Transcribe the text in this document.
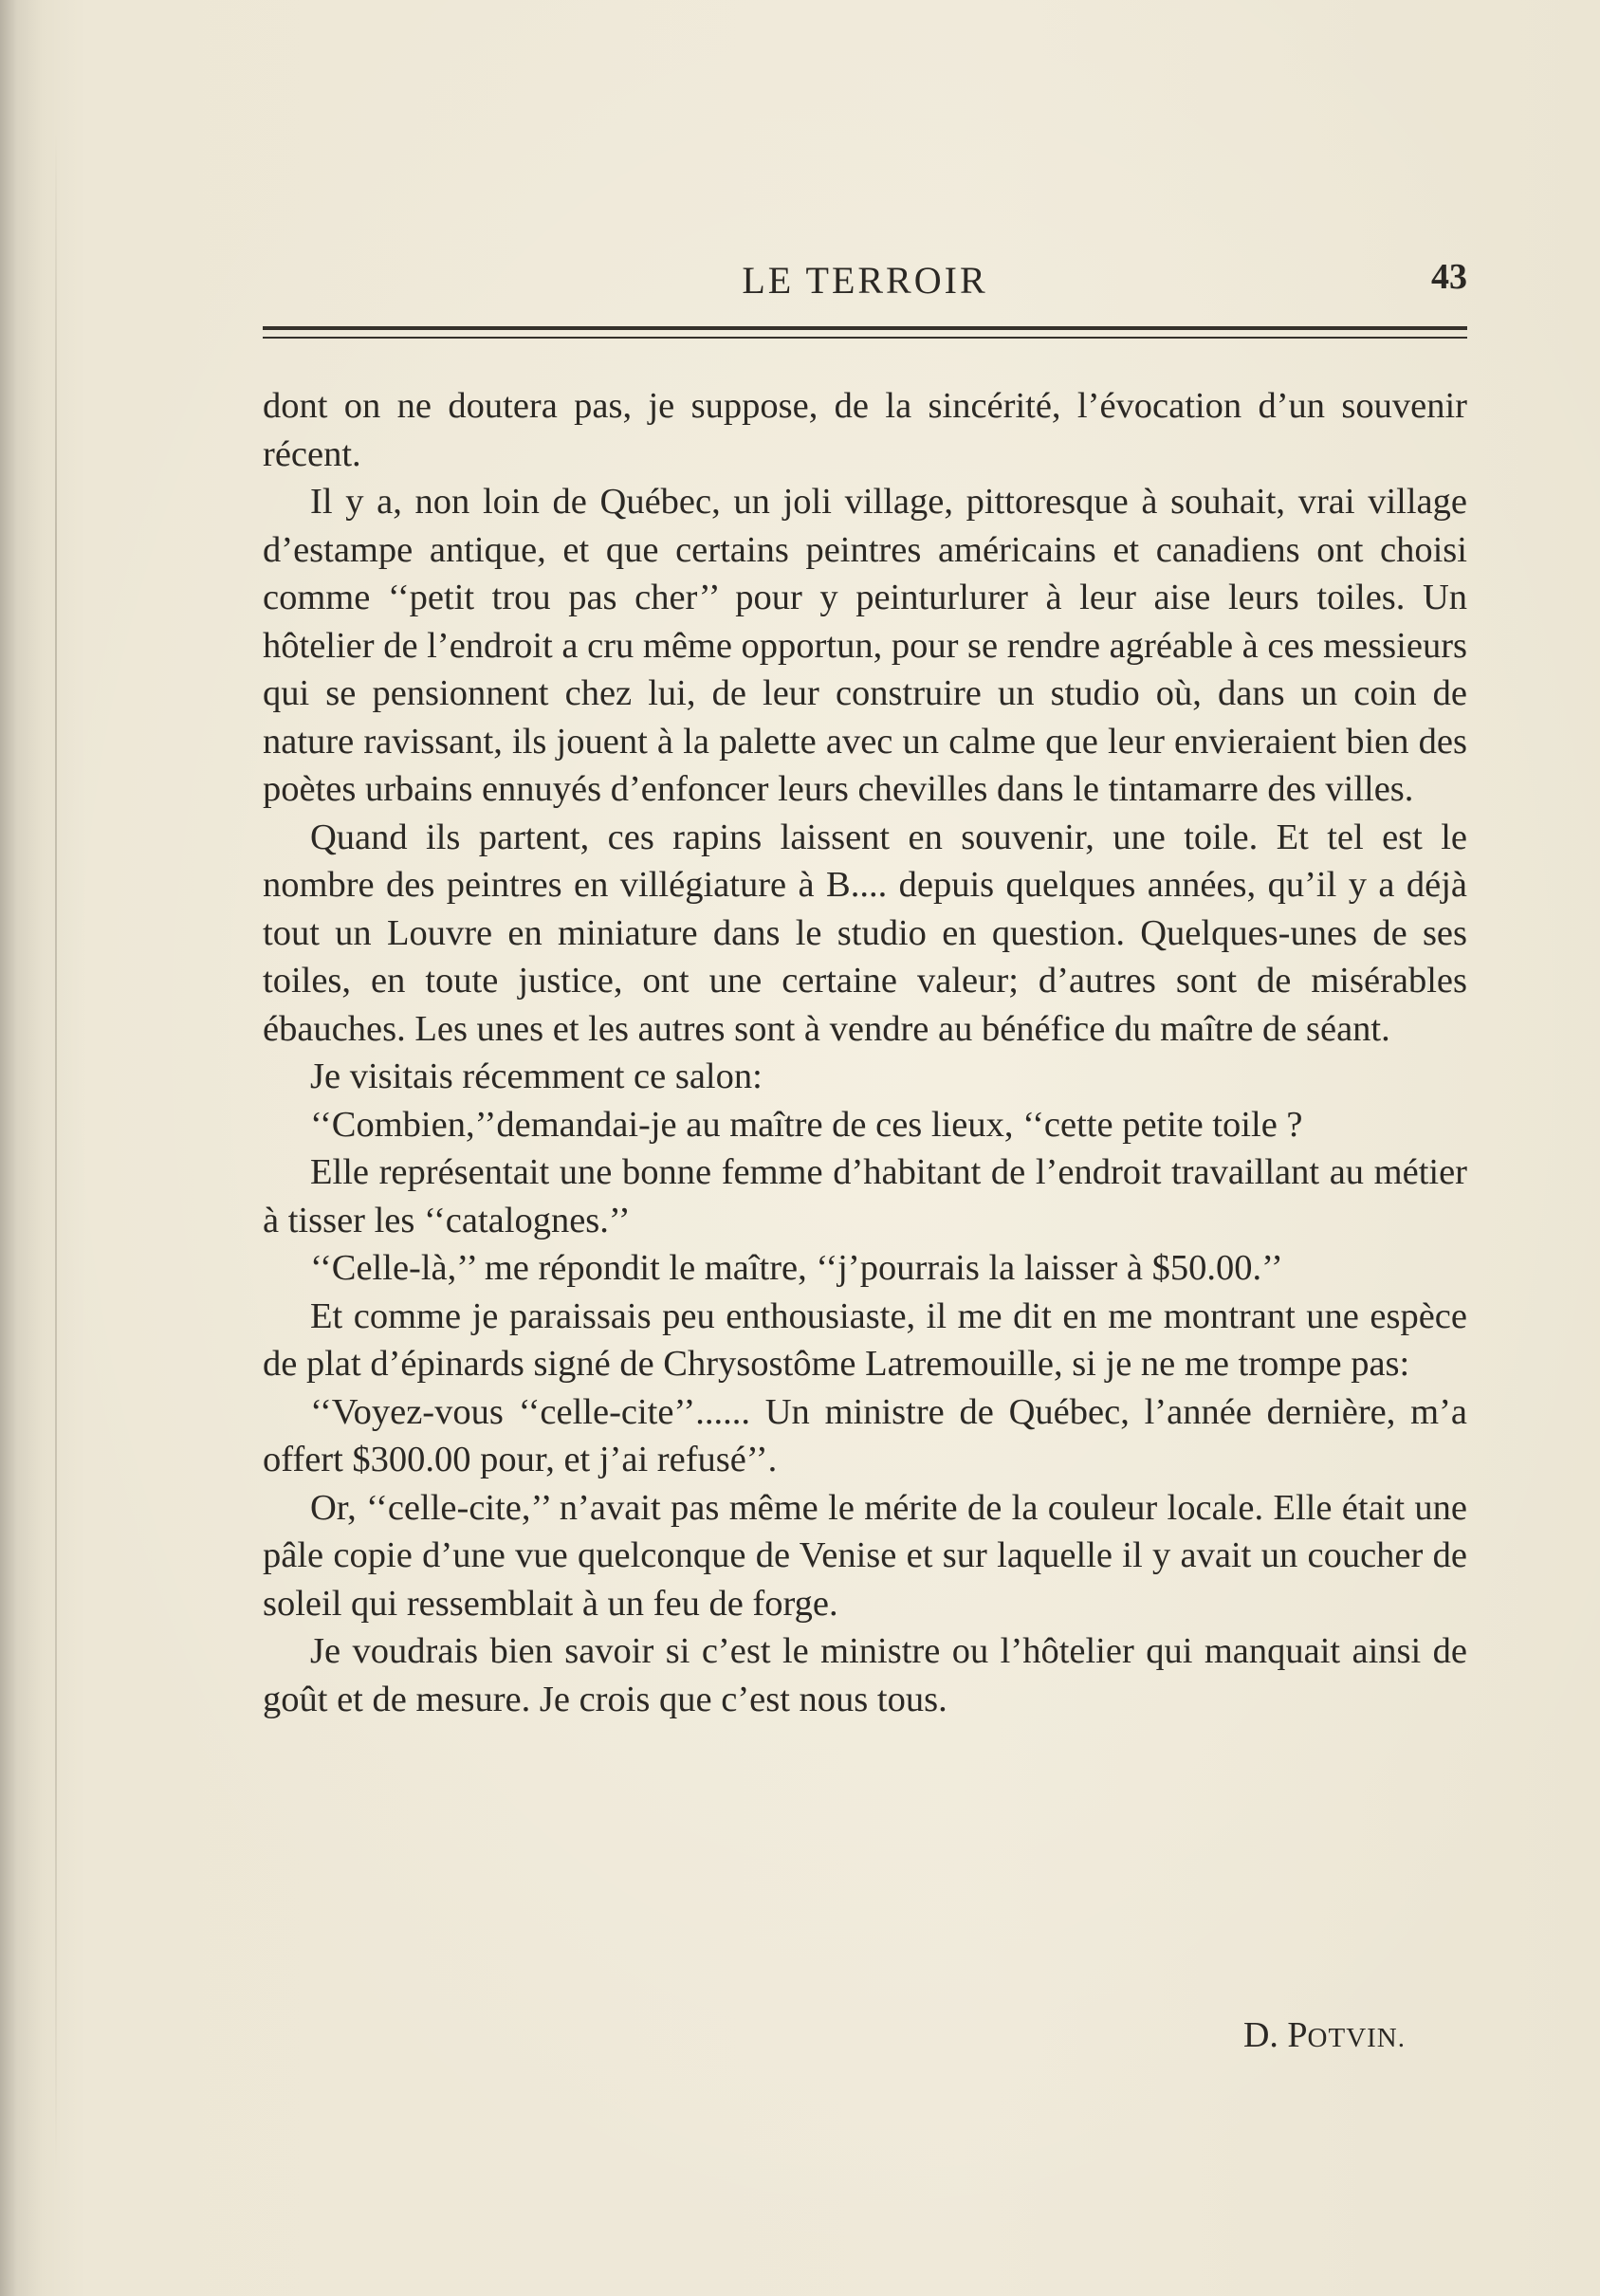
LE TERROIR	43

dont on ne doutera pas, je suppose, de la sincérité, l’évocation d’un souvenir récent.

Il y a, non loin de Québec, un joli village, pittoresque à souhait, vrai village d’estampe antique, et que certains peintres américains et canadiens ont choisi comme ‘‘petit trou pas cher’’ pour y peinturlurer à leur aise leurs toiles. Un hôtelier de l’endroit a cru même opportun, pour se rendre agréable à ces messieurs qui se pensionnent chez lui, de leur construire un studio où, dans un coin de nature ravissant, ils jouent à la palette avec un calme que leur envieraient bien des poètes urbains ennuyés d’enfoncer leurs chevilles dans le tintamarre des villes.

Quand ils partent, ces rapins laissent en souvenir, une toile. Et tel est le nombre des peintres en villégiature à B.... depuis quelques années, qu’il y a déjà tout un Louvre en miniature dans le studio en question. Quelques-unes de ses toiles, en toute justice, ont une certaine valeur; d’autres sont de misérables ébauches. Les unes et les autres sont à vendre au bénéfice du maître de séant.

Je visitais récemment ce salon:

‘‘Combien,’’demandai-je au maître de ces lieux, ‘‘cette petite toile ?

Elle représentait une bonne femme d’habitant de l’endroit travaillant au métier à tisser les ‘‘catalognes.’’

‘‘Celle-là,’’ me répondit le maître, ‘‘j’pourrais la laisser à $50.00.’’

Et comme je paraissais peu enthousiaste, il me dit en me montrant une espèce de plat d’épinards signé de Chrysostôme Latremouille, si je ne me trompe pas:

‘‘Voyez-vous ‘‘celle-cite’’...... Un ministre de Québec, l’année dernière, m’a offert $300.00 pour, et j’ai refusé’’.

Or, ‘‘celle-cite,’’ n’avait pas même le mérite de la couleur locale. Elle était une pâle copie d’une vue quelconque de Venise et sur laquelle il y avait un coucher de soleil qui ressemblait à un feu de forge.

Je voudrais bien savoir si c’est le ministre ou l’hôtelier qui manquait ainsi de goût et de mesure. Je crois que c’est nous tous.

D. POTVIN.
